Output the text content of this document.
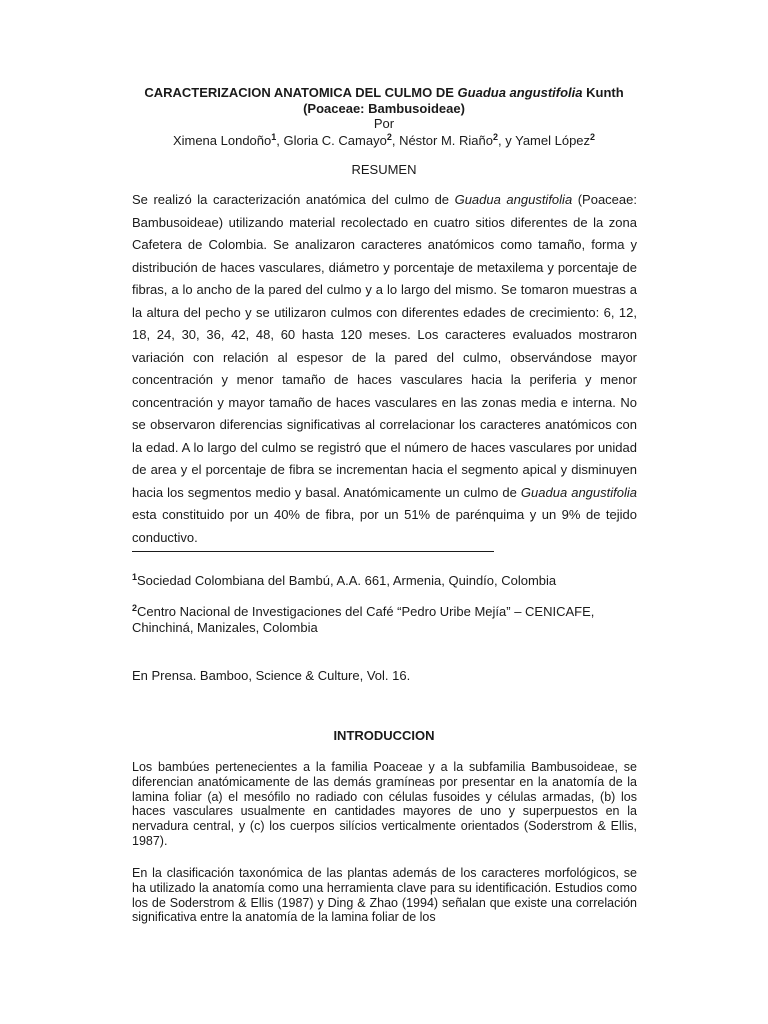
CARACTERIZACION ANATOMICA DEL CULMO DE Guadua angustifolia Kunth
(Poaceae: Bambusoideae)
Por
Ximena Londoño$^1$, Gloria C. Camayo$^2$, Néstor M. Riaño$^2$, y Yamel López$^2$
RESUMEN

Se realizó la caracterización anatómica del culmo de Guadua angustifolia (Poaceae: Bambusoideae) utilizando material recolectado en cuatro sitios diferentes de la zona Cafetera de Colombia. Se analizaron caracteres anatómicos como tamaño, forma y distribución de haces vasculares, diámetro y porcentaje de metaxilema y porcentaje de fibras, a lo ancho de la pared del culmo y a lo largo del mismo. Se tomaron muestras a la altura del pecho y se utilizaron culmos con diferentes edades de crecimiento: 6, 12, 18, 24, 30, 36, 42, 48, 60 hasta 120 meses. Los caracteres evaluados mostraron variación con relación al espesor de la pared del culmo, observándose mayor concentración y menor tamaño de haces vasculares hacia la periferia y menor concentración y mayor tamaño de haces vasculares en las zonas media e interna. No se observaron diferencias significativas al correlacionar los caracteres anatómicos con la edad. A lo largo del culmo se registró que el número de haces vasculares por unidad de area y el porcentaje de fibra se incrementan hacia el segmento apical y disminuyen hacia los segmentos medio y basal. Anatómicamente un culmo de Guadua angustifolia esta constituido por un 40% de fibra, por un 51% de parénquima y un 9% de tejido conductivo.

$^1$Sociedad Colombiana del Bambú, A.A. 661, Armenia, Quindío, Colombia

$^2$Centro Nacional de Investigaciones del Café “Pedro Uribe Mejía” – CENICAFE, Chinchiná, Manizales, Colombia

En Prensa. Bamboo, Science & Culture, Vol. 16.

INTRODUCCION

Los bambúes pertenecientes a la familia Poaceae y a la subfamilia Bambusoideae, se diferencian anatómicamente de las demás gramíneas por presentar en la anatomía de la lamina foliar (a) el mesófilo no radiado con células fusoides y células armadas, (b) los haces vasculares usualmente en cantidades mayores de uno y superpuestos en la nervadura central, y (c) los cuerpos silícios verticalmente orientados (Soderstrom & Ellis, 1987).

En la clasificación taxonómica de las plantas además de los caracteres morfológicos, se ha utilizado la anatomía como una herramienta clave para su identificación. Estudios como los de Soderstrom & Ellis (1987) y Ding & Zhao (1994) señalan que existe una correlación significativa entre la anatomía de la lamina foliar de los
